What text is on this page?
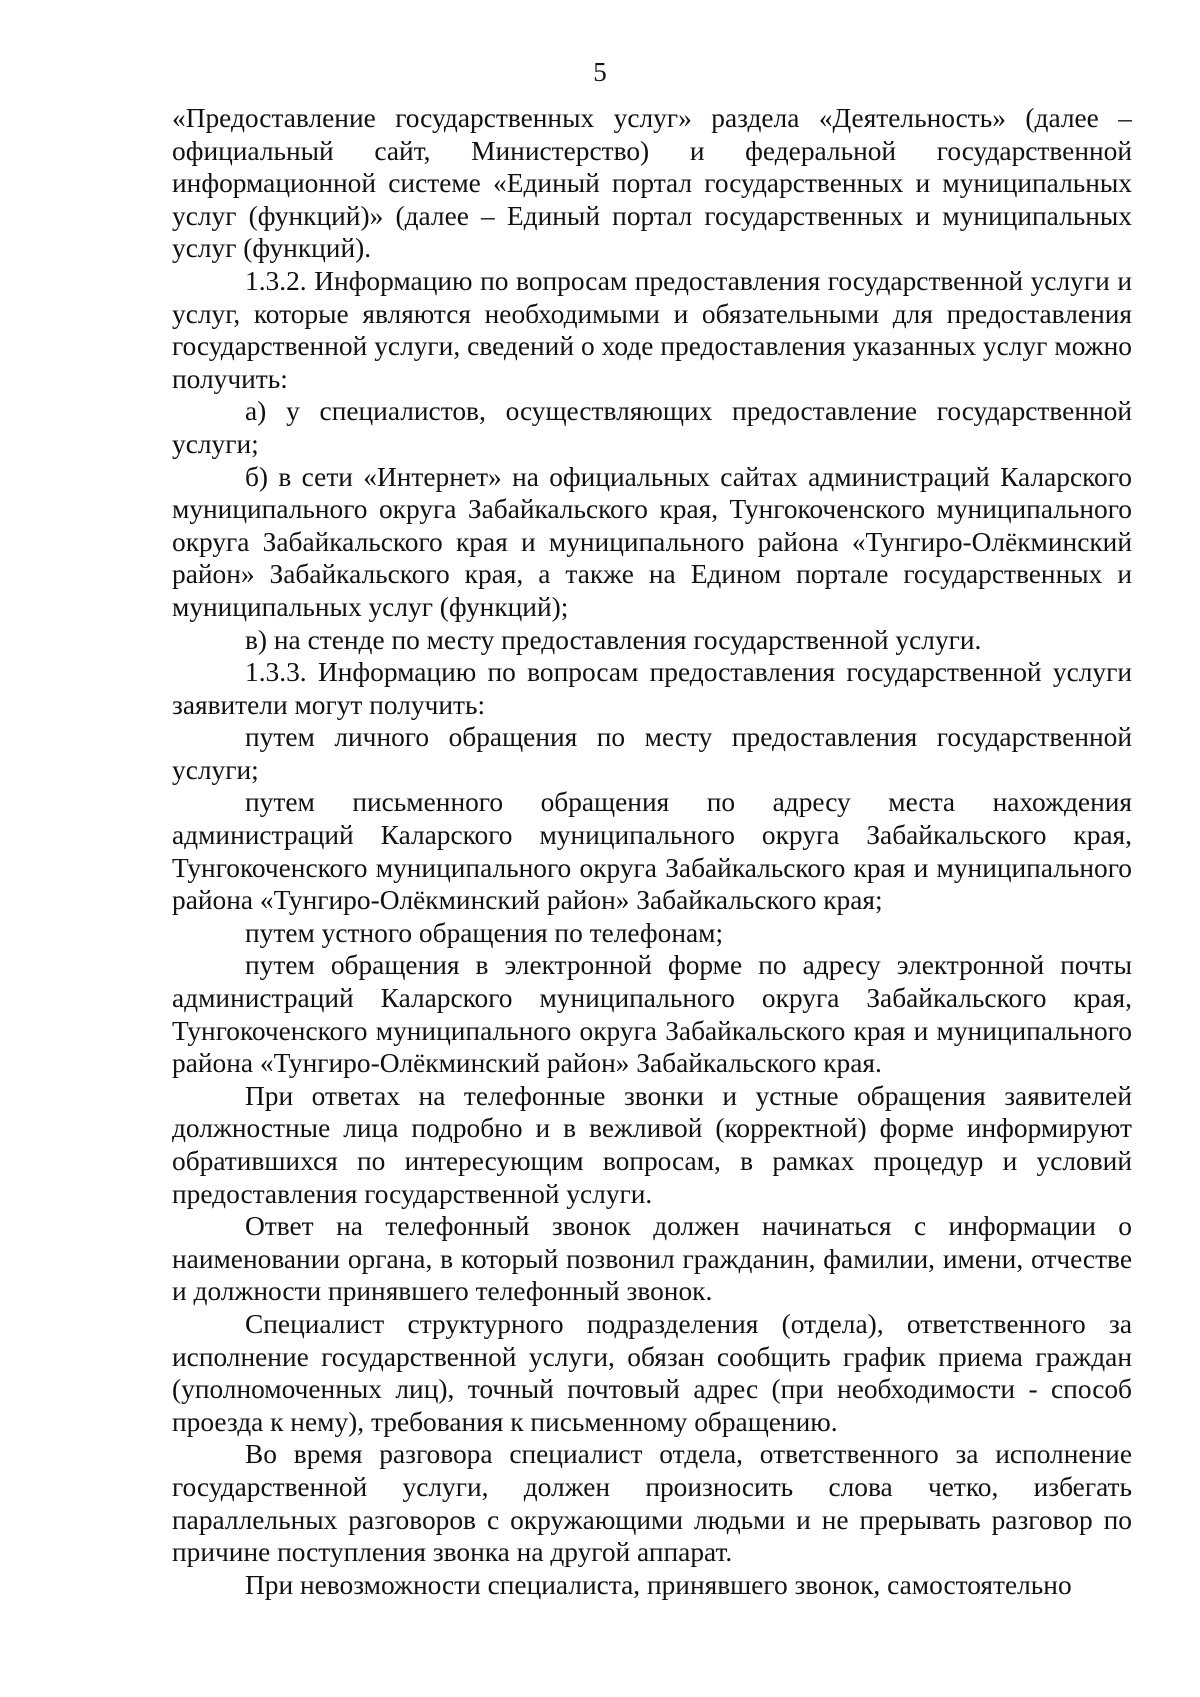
5

«Предоставление государственных услуг» раздела «Деятельность» (далее – официальный сайт, Министерство) и федеральной государственной информационной системе «Единый портал государственных и муниципальных услуг (функций)» (далее – Единый портал государственных и муниципальных услуг (функций).

1.3.2. Информацию по вопросам предоставления государственной услуги и услуг, которые являются необходимыми и обязательными для предоставления государственной услуги, сведений о ходе предоставления указанных услуг можно получить:

а) у специалистов, осуществляющих предоставление государственной услуги;

б) в сети «Интернет» на официальных сайтах администраций Каларского муниципального округа Забайкальского края, Тунгокоченского муниципального округа Забайкальского края и муниципального района «Тунгиро-Олёкминский район» Забайкальского края, а также на Едином портале государственных и муниципальных услуг (функций);

в) на стенде по месту предоставления государственной услуги.

1.3.3. Информацию по вопросам предоставления государственной услуги заявители могут получить:

путем личного обращения по месту предоставления государственной услуги;

путем письменного обращения по адресу места нахождения администраций Каларского муниципального округа Забайкальского края, Тунгокоченского муниципального округа Забайкальского края и муниципального района «Тунгиро-Олёкминский район» Забайкальского края;

путем устного обращения по телефонам;

путем обращения в электронной форме по адресу электронной почты администраций Каларского муниципального округа Забайкальского края, Тунгокоченского муниципального округа Забайкальского края и муниципального района «Тунгиро-Олёкминский район» Забайкальского края.

При ответах на телефонные звонки и устные обращения заявителей должностные лица подробно и в вежливой (корректной) форме информируют обратившихся по интересующим вопросам, в рамках процедур и условий предоставления государственной услуги.

Ответ на телефонный звонок должен начинаться с информации о наименовании органа, в который позвонил гражданин, фамилии, имени, отчестве и должности принявшего телефонный звонок.

Специалист структурного подразделения (отдела), ответственного за исполнение государственной услуги, обязан сообщить график приема граждан (уполномоченных лиц), точный почтовый адрес (при необходимости - способ проезда к нему), требования к письменному обращению.

Во время разговора специалист отдела, ответственного за исполнение государственной услуги, должен произносить слова четко, избегать параллельных разговоров с окружающими людьми и не прерывать разговор по причине поступления звонка на другой аппарат.

При невозможности специалиста, принявшего звонок, самостоятельно
